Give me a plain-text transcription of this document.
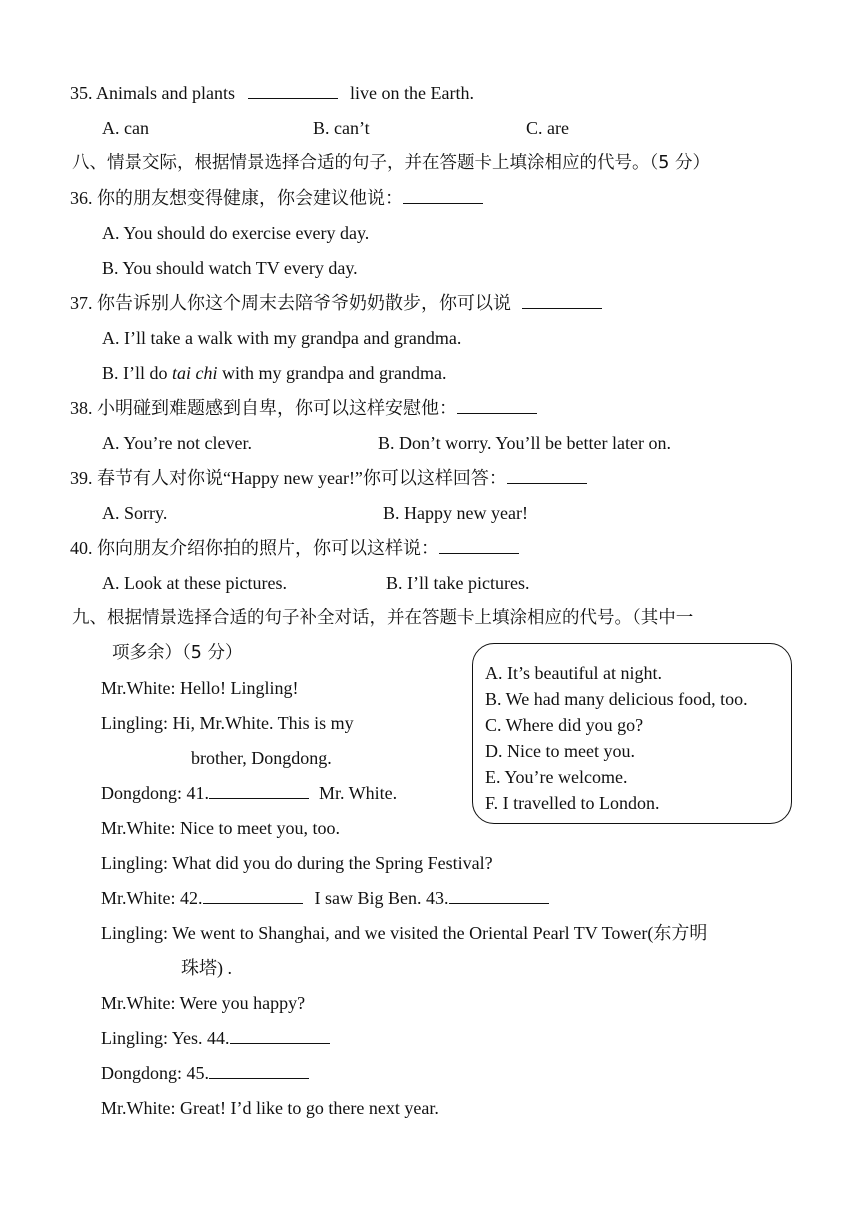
35. Animals and plants	live on the Earth.
A. can	B. can’t	C. are
八、情景交际，根据情景选择合适的句子，并在答题卡上填涂相应的代号。（5 分）
36. 你的朋友想变得健康，你会建议他说：
A. You should do exercise every day.
B. You should watch TV every day.
37. 你告诉别人你这个周末去陪爷爷奶奶散步，你可以说
A. I’ll take a walk with my grandpa and grandma.
B. I’ll do tai chi with my grandpa and grandma.
38. 小明碰到难题感到自卑，你可以这样安慰他：
A. You’re not clever.	B. Don’t worry. You’ll be better later on.
39. 春节有人对你说“Happy new year!”你可以这样回答：
A. Sorry.	B. Happy new year!
40. 你向朋友介绍你拍的照片，你可以这样说：
A. Look at these pictures.	B. I’ll take pictures.
九、根据情景选择合适的句子补全对话，并在答题卡上填涂相应的代号。（其中一
项多余）（5 分）
A. It’s beautiful at night.
B. We had many delicious food, too.
C. Where did you go?
D. Nice to meet you.
E. You’re welcome.
F. I travelled to London.
Mr.White: Hello! Lingling!
Lingling: Hi, Mr.White. This is my
brother, Dongdong.
Dongdong: 41.	Mr. White.
Mr.White: Nice to meet you, too.
Lingling: What did you do during the Spring Festival?
Mr.White: 42.	I saw Big Ben. 43.
Lingling: We went to Shanghai, and we visited the Oriental Pearl TV Tower(东方明
珠塔) .
Mr.White: Were you happy?
Lingling: Yes. 44.
Dongdong: 45.
Mr.White: Great! I’d like to go there next year.
